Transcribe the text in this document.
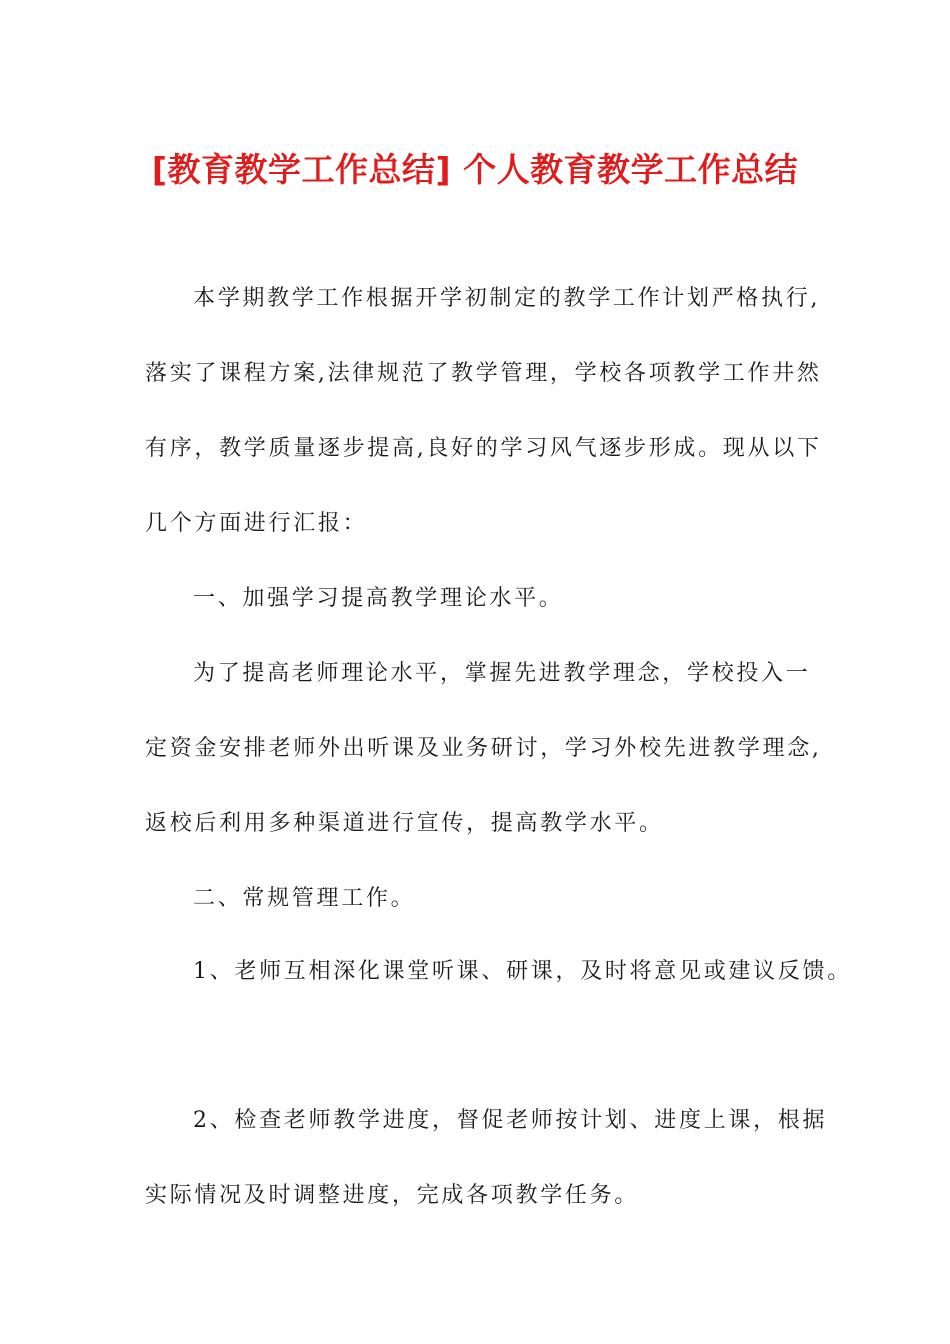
[教育教学工作总结] 个人教育教学工作总结
本学期教学工作根据开学初制定的教学工作计划严格执行,
落实了课程方案,法律规范了教学管理，学校各项教学工作井然
有序，教学质量逐步提高,良好的学习风气逐步形成。现从以下
几个方面进行汇报：
一、加强学习提高教学理论水平。
为了提高老师理论水平，掌握先进教学理念，学校投入一
定资金安排老师外出听课及业务研讨，学习外校先进教学理念,
返校后利用多种渠道进行宣传，提高教学水平。
二、常规管理工作。
1、老师互相深化课堂听课、研课，及时将意见或建议反馈。
2、检查老师教学进度，督促老师按计划、进度上课，根据
实际情况及时调整进度，完成各项教学任务。
